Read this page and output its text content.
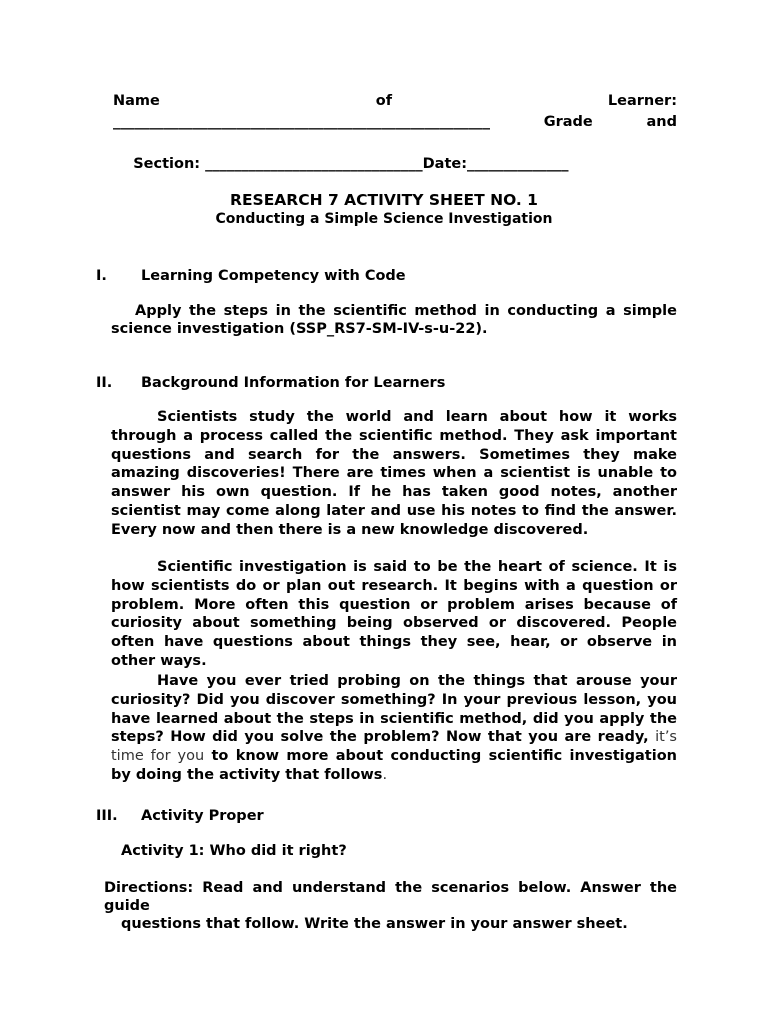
Name	of	Learner:
____________________________________________________	Grade	and

Section: ______________________________Date:______________

RESEARCH 7 ACTIVITY SHEET NO. 1
Conducting a Simple Science Investigation
I. Learning Competency with Code
Apply the steps in the scientific method in conducting a simple science investigation (SSP_RS7-SM-IV-s-u-22).
II. Background Information for Learners
Scientists study the world and learn about how it works through a process called the scientific method. They ask important questions and search for the answers. Sometimes they make amazing discoveries! There are times when a scientist is unable to answer his own question. If he has taken good notes, another scientist may come along later and use his notes to find the answer. Every now and then there is a new knowledge discovered.
Scientific investigation is said to be the heart of science. It is how scientists do or plan out research. It begins with a question or problem. More often this question or problem arises because of curiosity about something being observed or discovered. People often have questions about things they see, hear, or observe in other ways.
Have you ever tried probing on the things that arouse your curiosity? Did you discover something? In your previous lesson, you have learned about the steps in scientific method, did you apply the steps? How did you solve the problem? Now that you are ready, it’s time for you to know more about conducting scientific investigation by doing the activity that follows.
III. Activity Proper
Activity 1: Who did it right?
Directions: Read and understand the scenarios below. Answer the guide
questions that follow. Write the answer in your answer sheet.
